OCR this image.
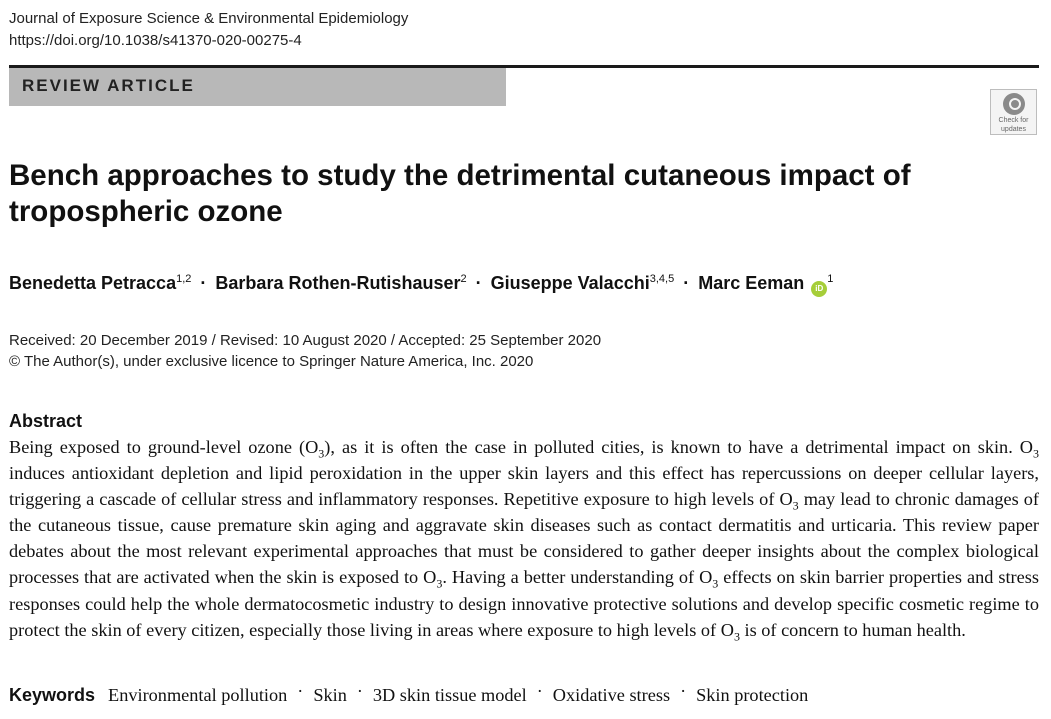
Journal of Exposure Science & Environmental Epidemiology
https://doi.org/10.1038/s41370-020-00275-4
REVIEW ARTICLE
Check for
updates
Bench approaches to study the detrimental cutaneous impact of tropospheric ozone
Benedetta Petracca$^{1,2}$ · Barbara Rothen-Rutishauser$^2$ · Giuseppe Valacchi$^{3,4,5}$ · Marc Eeman $iD^1$
Received: 20 December 2019 / Revised: 10 August 2020 / Accepted: 25 September 2020
© The Author(s), under exclusive licence to Springer Nature America, Inc. 2020
Abstract

Being exposed to ground-level ozone $(O_3)$, as it is often the case in polluted cities, is known to have a detrimental impact on skin. $O_3$ induces antioxidant depletion and lipid peroxidation in the upper skin layers and this effect has repercussions on deeper cellular layers, triggering a cascade of cellular stress and inflammatory responses. Repetitive exposure to high levels of $O_3$ may lead to chronic damages of the cutaneous tissue, cause premature skin aging and aggravate skin diseases such as contact dermatitis and urticaria. This review paper debates about the most relevant experimental approaches that must be considered to gather deeper insights about the complex biological processes that are activated when the skin is exposed to $O_3$. Having a better understanding of $O_3$ effects on skin barrier properties and stress responses could help the whole dermatocosmetic industry to design innovative protective solutions and develop specific cosmetic regime to protect the skin of every citizen, especially those living in areas where exposure to high levels of $O_3$ is of concern to human health.

Keywords Environmental pollution · Skin · 3D skin tissue model · Oxidative stress · Skin protection
